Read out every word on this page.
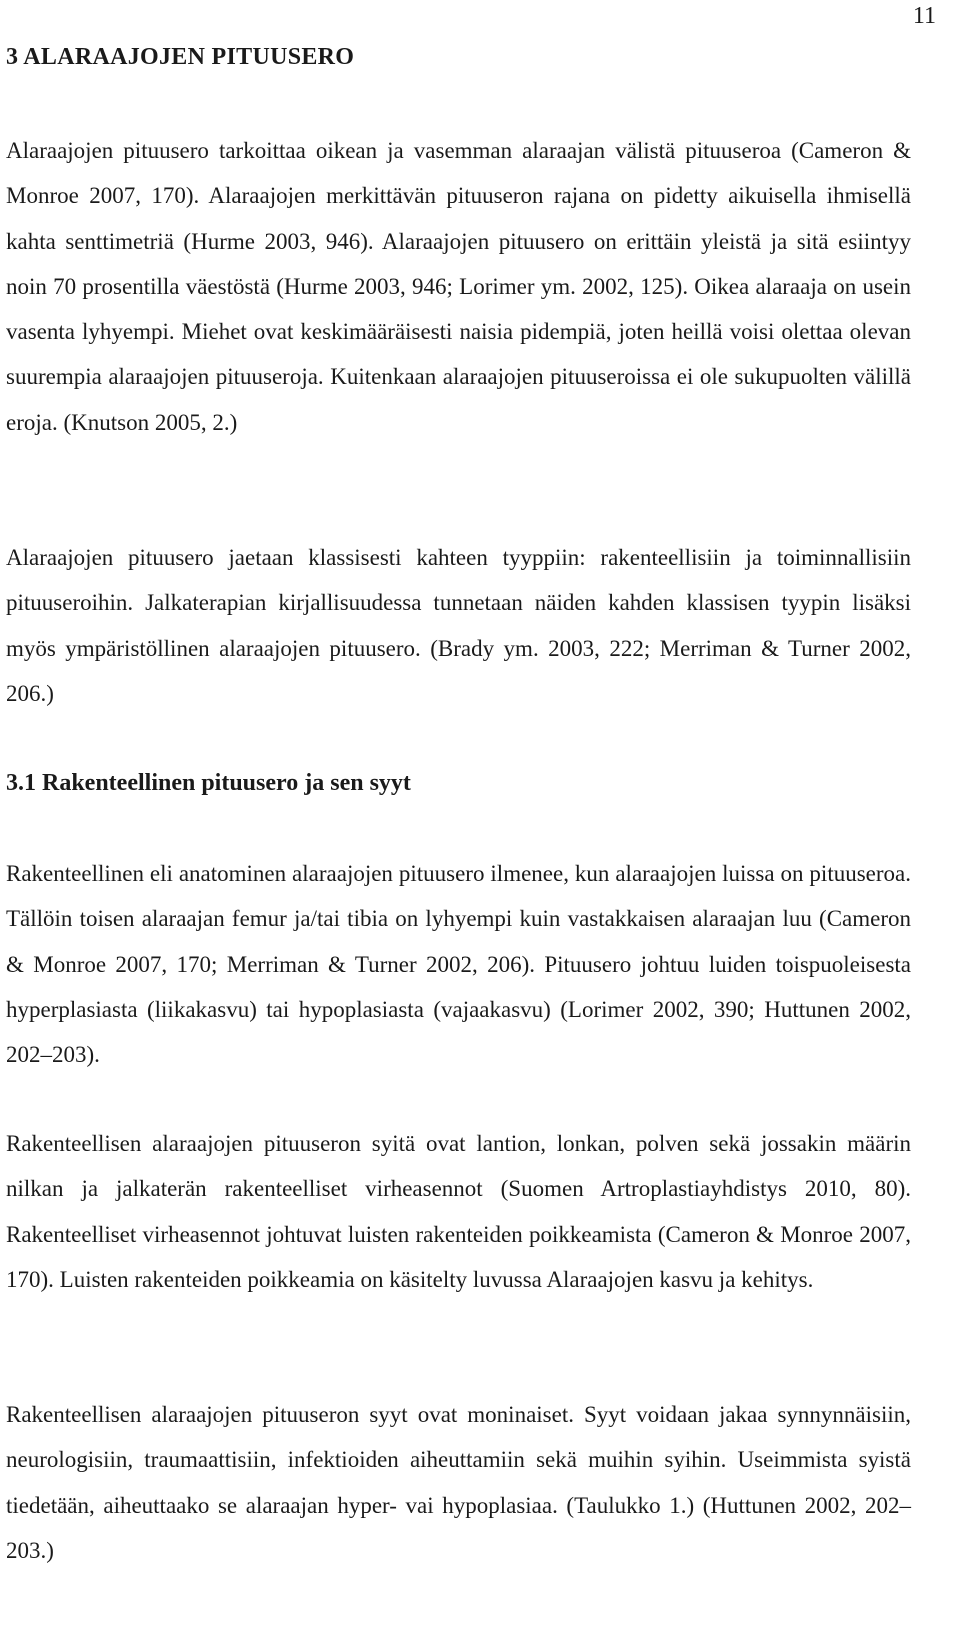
11
3 ALARAAJOJEN PITUUSERO

Alaraajojen pituusero tarkoittaa oikean ja vasemman alaraajan välistä pituuseroa (Cameron & Monroe 2007, 170). Alaraajojen merkittävän pituuseron rajana on pidetty aikuisella ihmisellä kahta senttimetriä (Hurme 2003, 946). Alaraajojen pituusero on erittäin yleistä ja sitä esiintyy noin 70 prosentilla väestöstä (Hurme 2003, 946; Lorimer ym. 2002, 125). Oikea alaraaja on usein vasenta lyhyempi. Miehet ovat keskimääräisesti naisia pidempiä, joten heillä voisi olettaa olevan suurempia alaraajojen pituuseroja. Kuitenkaan alaraajojen pituuseroissa ei ole sukupuolten välillä eroja. (Knutson 2005, 2.)

Alaraajojen pituusero jaetaan klassisesti kahteen tyyppiin: rakenteellisiin ja toiminnallisiin pituuseroihin. Jalkaterapian kirjallisuudessa tunnetaan näiden kahden klassisen tyypin lisäksi myös ympäristöllinen alaraajojen pituusero. (Brady ym. 2003, 222; Merriman & Turner 2002, 206.)

3.1 Rakenteellinen pituusero ja sen syyt

Rakenteellinen eli anatominen alaraajojen pituusero ilmenee, kun alaraajojen luissa on pituuseroa. Tällöin toisen alaraajan femur ja/tai tibia on lyhyempi kuin vastakkaisen alaraajan luu (Cameron & Monroe 2007, 170; Merriman & Turner 2002, 206). Pituusero johtuu luiden toispuoleisesta hyperplasiasta (liikakasvu) tai hypoplasiasta (vajaakasvu) (Lorimer 2002, 390; Huttunen 2002, 202–203).

Rakenteellisen alaraajojen pituuseron syitä ovat lantion, lonkan, polven sekä jossakin määrin nilkan ja jalkaterän rakenteelliset virheasennot (Suomen Artroplastiayhdistys 2010, 80). Rakenteelliset virheasennot johtuvat luisten rakenteiden poikkeamista (Cameron & Monroe 2007, 170). Luisten rakenteiden poikkeamia on käsitelty luvussa Alaraajojen kasvu ja kehitys.

Rakenteellisen alaraajojen pituuseron syyt ovat moninaiset. Syyt voidaan jakaa synnynnäisiin, neurologisiin, traumaattisiin, infektioiden aiheuttamiin sekä muihin syihin. Useimmista syistä tiedetään, aiheuttaako se alaraajan hyper- vai hypoplasiaa. (Taulukko 1.) (Huttunen 2002, 202–203.)
